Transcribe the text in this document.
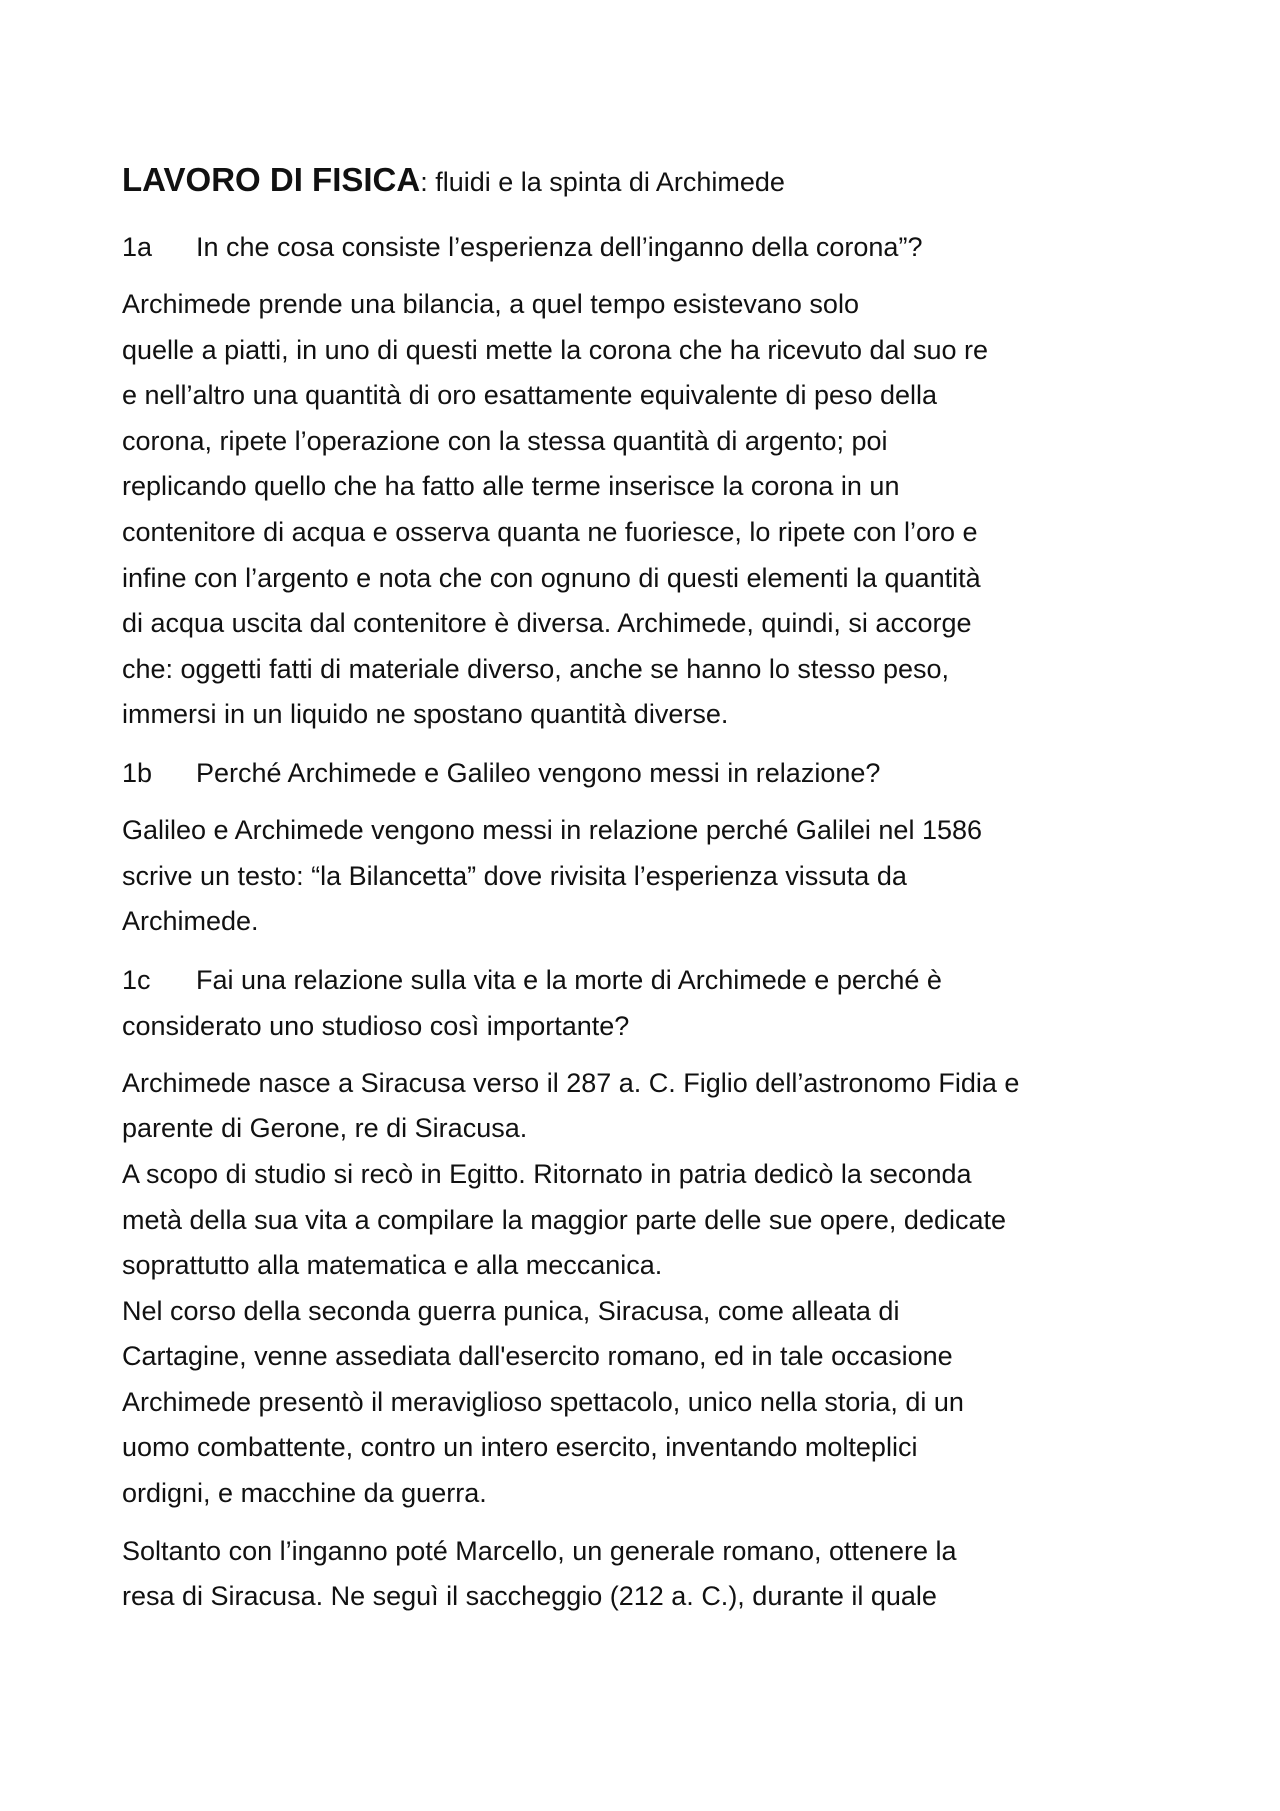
LAVORO DI FISICA: fluidi e la spinta di Archimede

1a In che cosa consiste l’esperienza dell’inganno della corona”?

Archimede prende una bilancia, a quel tempo esistevano solo
quelle a piatti, in uno di questi mette la corona che ha ricevuto dal suo re
e nell’altro una quantità di oro esattamente equivalente di peso della
corona, ripete l’operazione con la stessa quantità di argento; poi
replicando quello che ha fatto alle terme inserisce la corona in un
contenitore di acqua e osserva quanta ne fuoriesce, lo ripete con l’oro e
infine con l’argento e nota che con ognuno di questi elementi la quantità
di acqua uscita dal contenitore è diversa. Archimede, quindi, si accorge
che: oggetti fatti di materiale diverso, anche se hanno lo stesso peso,
immersi in un liquido ne spostano quantità diverse.

1b Perché Archimede e Galileo vengono messi in relazione?

Galileo e Archimede vengono messi in relazione perché Galilei nel 1586
scrive un testo: “la Bilancetta” dove rivisita l’esperienza vissuta da
Archimede.
1c Fai una relazione sulla vita e la morte di Archimede e perché è
considerato uno studioso così importante?
Archimede nasce a Siracusa verso il 287 a. C. Figlio dell’astronomo Fidia e
parente di Gerone, re di Siracusa.
A scopo di studio si recò in Egitto. Ritornato in patria dedicò la seconda
metà della sua vita a compilare la maggior parte delle sue opere, dedicate
soprattutto alla matematica e alla meccanica.
Nel corso della seconda guerra punica, Siracusa, come alleata di
Cartagine, venne assediata dall'esercito romano, ed in tale occasione
Archimede presentò il meraviglioso spettacolo, unico nella storia, di un
uomo combattente, contro un intero esercito, inventando molteplici
ordigni, e macchine da guerra.
Soltanto con l’inganno poté Marcello, un generale romano, ottenere la
resa di Siracusa. Ne seguì il saccheggio (212 a. C.), durante il quale
